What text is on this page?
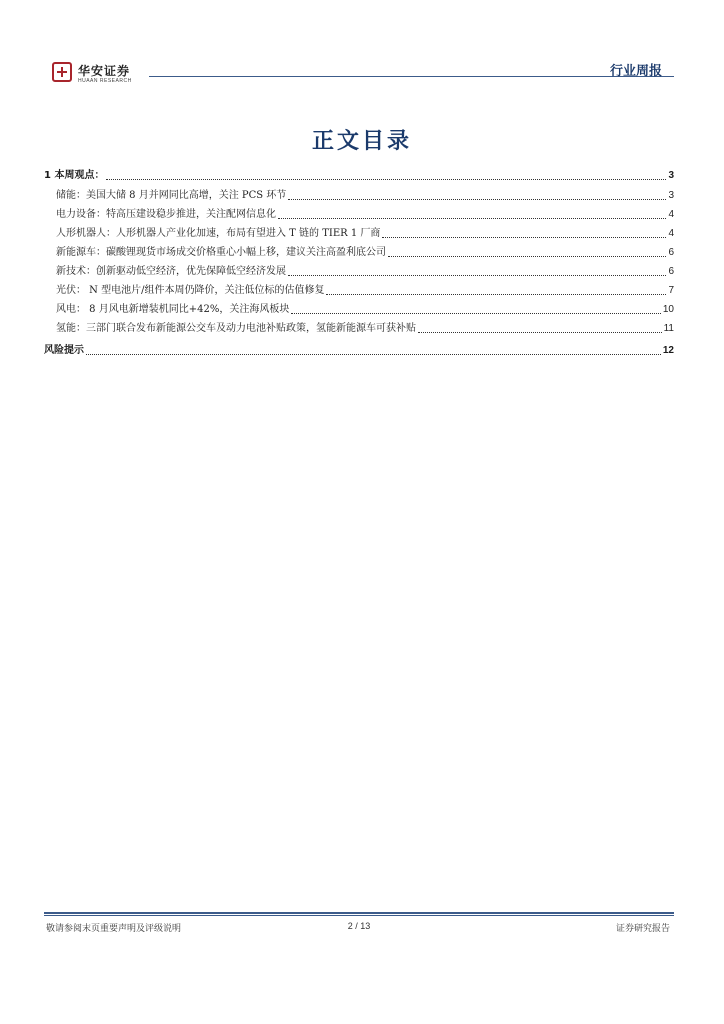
华安证券
HUAAN RESEARCH
行业周报
正文目录
1 本周观点：	3
储能：美国大储 8 月并网同比高增，关注 PCS 环节	3
电力设备：特高压建设稳步推进，关注配网信息化	4
人形机器人：人形机器人产业化加速，布局有望进入 T 链的 TIER 1 厂商	4
新能源车：碳酸锂现货市场成交价格重心小幅上移，建议关注高盈利底公司	6
新技术：创新驱动低空经济，优先保障低空经济发展	6
光伏： N 型电池片/组件本周仍降价，关注低位标的估值修复	7
风电： 8 月风电新增装机同比+42%，关注海风板块	10
氢能：三部门联合发布新能源公交车及动力电池补贴政策，氢能新能源车可获补贴	11
风险提示	12
敬请参阅末页重要声明及评级说明	2 / 13	证券研究报告
